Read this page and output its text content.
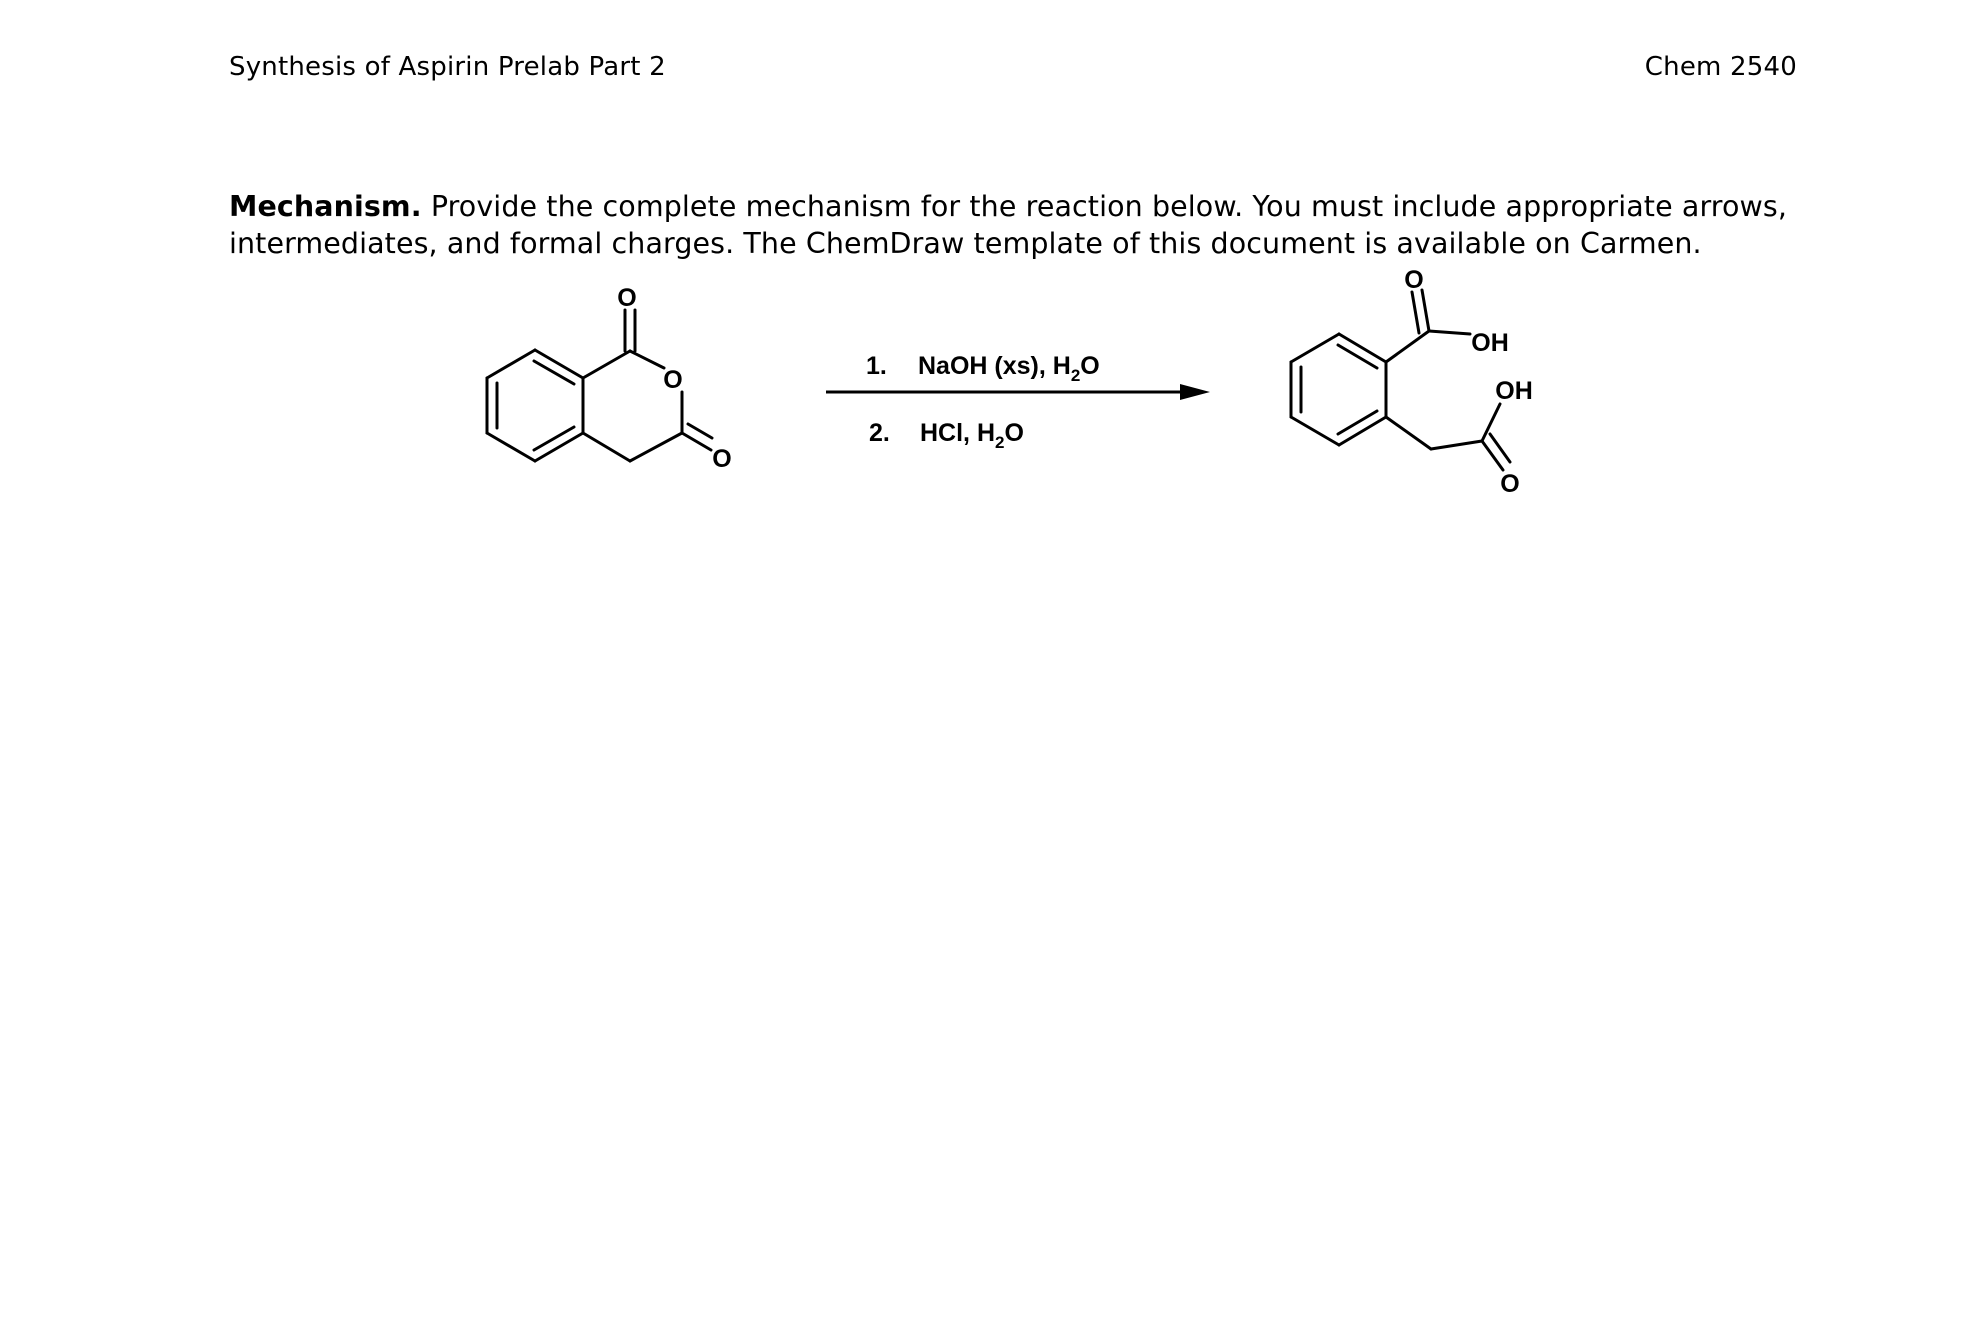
Synthesis of Aspirin Prelab Part 2	Chem 2540
Mechanism. Provide the complete mechanism for the reaction below. You must include appropriate arrows, intermediates, and formal charges. The ChemDraw template of this document is available on Carmen.
O
O
O
1. NaOH (xs), $H_2O$
2. HCl, $H_2O$
O
OH
OH
O
